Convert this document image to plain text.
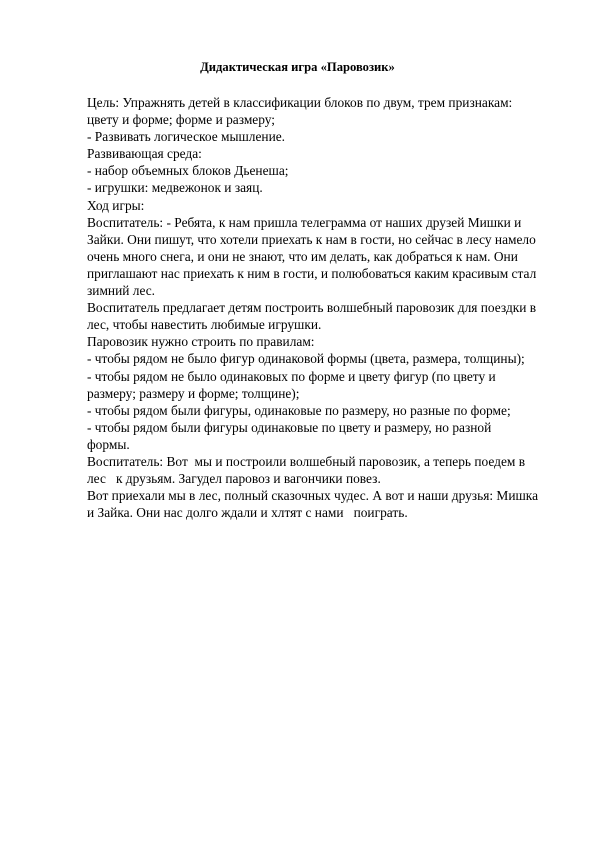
Дидактическая игра «Паровозик»

Цель: Упражнять детей в классификации блоков по двум, трем признакам:

цвету и форме; форме и размеру;

- Развивать логическое мышление.

Развивающая среда:

- набор объемных блоков Дьенеша;

- игрушки: медвежонок и заяц.

Ход игры:

Воспитатель: - Ребята, к нам пришла телеграмма от наших друзей Мишки и

Зайки. Они пишут, что хотели приехать к нам в гости, но сейчас в лесу намело

очень много снега, и они не знают, что им делать, как добраться к нам. Они

приглашают нас приехать к ним в гости, и полюбоваться каким красивым стал

зимний лес.

Воспитатель предлагает детям построить волшебный паровозик для поездки в

лес, чтобы навестить любимые игрушки.

Паровозик нужно строить по правилам:

- чтобы рядом не было фигур одинаковой формы (цвета, размера, толщины);

- чтобы рядом не было одинаковых по форме и цвету фигур (по цвету и

размеру; размеру и форме; толщине);

- чтобы рядом были фигуры, одинаковые по размеру, но разные по форме;

- чтобы рядом были фигуры одинаковые по цвету и размеру, но разной

формы.

Воспитатель: Вот  мы и построили волшебный паровозик, а теперь поедем в

лес   к друзьям. Загудел паровоз и вагончики повез.

Вот приехали мы в лес, полный сказочных чудес. А вот и наши друзья: Мишка

и Зайка. Они нас долго ждали и хлтят с нами   поиграть.
